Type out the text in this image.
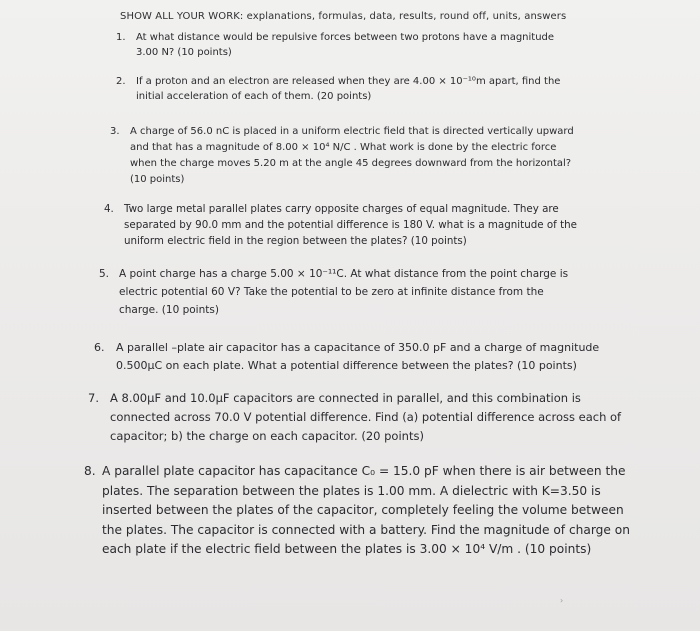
SHOW ALL YOUR WORK: explanations, formulas, data, results, round off, units, answers
1. At what distance would be repulsive forces between two protons have a magnitude
3.00 N? (10 points)
2. If a proton and an electron are released when they are 4.00 × 10⁻¹⁰m apart, find the
initial acceleration of each of them. (20 points)
3. A charge of 56.0 nC is placed in a uniform electric field that is directed vertically upward
and that has a magnitude of 8.00 × 10⁴ N/C . What work is done by the electric force
when the charge moves 5.20 m at the angle 45 degrees downward from the horizontal?
(10 points)
4. Two large metal parallel plates carry opposite charges of equal magnitude. They are
separated by 90.0 mm and the potential difference is 180 V. what is a magnitude of the
uniform electric field in the region between the plates? (10 points)
5. A point charge has a charge 5.00 × 10⁻¹¹C. At what distance from the point charge is
electric potential 60 V? Take the potential to be zero at infinite distance from the
charge. (10 points)
6. A parallel –plate air capacitor has a capacitance of 350.0 pF and a charge of magnitude
0.500μC on each plate. What a potential difference between the plates? (10 points)
7. A 8.00μF and 10.0μF capacitors are connected in parallel, and this combination is
connected across 70.0 V potential difference. Find (a) potential difference across each of
capacitor; b) the charge on each capacitor. (20 points)
8. A parallel plate capacitor has capacitance C₀ = 15.0 pF when there is air between the
plates. The separation between the plates is 1.00 mm. A dielectric with K=3.50 is
inserted between the plates of the capacitor, completely feeling the volume between
the plates. The capacitor is connected with a battery. Find the magnitude of charge on
each plate if the electric field between the plates is 3.00 × 10⁴ V/m . (10 points)
›
